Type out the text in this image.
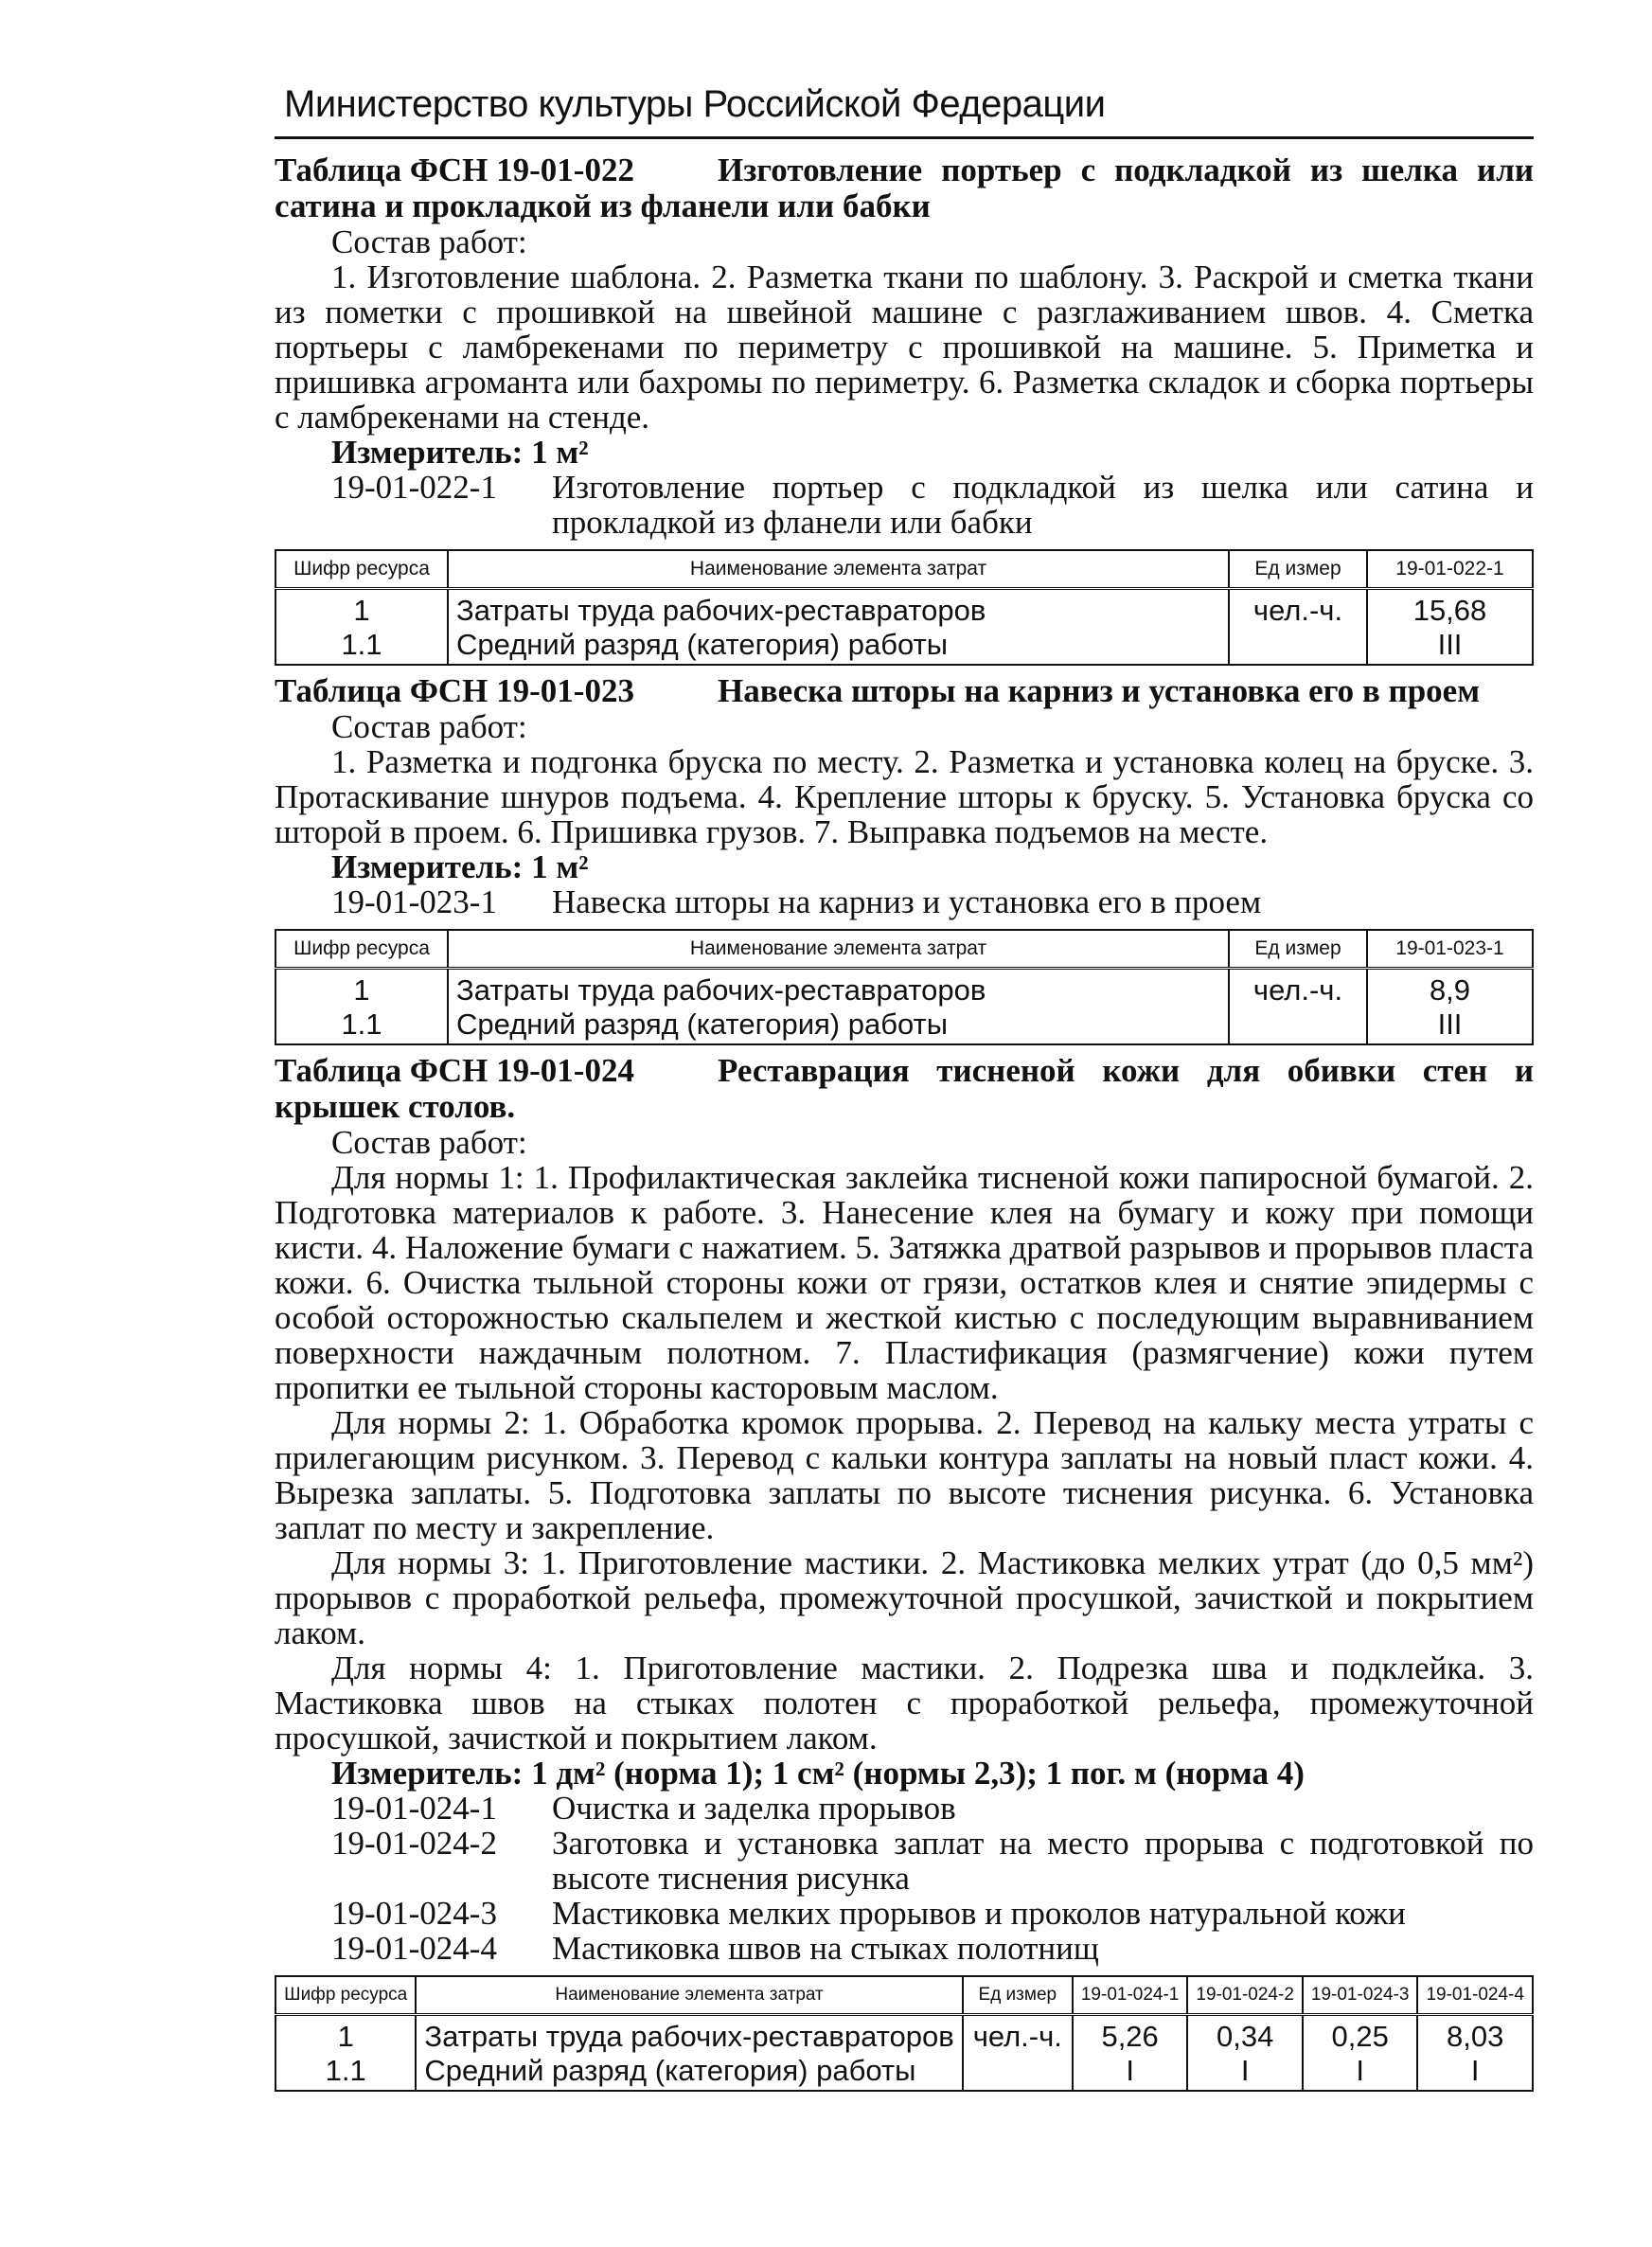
Министерство культуры Российской Федерации

Таблица ФСН 19-01-022	Изготовление портьер с подкладкой из шелка или сатина и прокладкой из фланели или бабки

Состав работ:

1. Изготовление шаблона. 2. Разметка ткани по шаблону. 3. Раскрой и сметка ткани из пометки с прошивкой на швейной машине с разглаживанием швов. 4. Сметка портьеры с ламбрекенами по периметру с прошивкой на машине. 5. Приметка и пришивка агроманта или бахромы по периметру. 6. Разметка складок и сборка портьеры с ламбрекенами на стенде.

Измеритель: 1 м²

19-01-022-1	Изготовление портьер с подкладкой из шелка или сатина и прокладкой из фланели или бабки
Шифр ресурса	Наименование элемента затрат	Ед измер	19-01-022-1
1	Затраты труда рабочих-реставраторов	чел.-ч.	15,68
1.1	Средний разряд (категория) работы		III

Таблица ФСН 19-01-023	Навеска шторы на карниз и установка его в проем

Состав работ:

1. Разметка и подгонка бруска по месту. 2. Разметка и установка колец на бруске. 3. Протаскивание шнуров подъема. 4. Крепление шторы к бруску. 5. Установка бруска со шторой в проем. 6. Пришивка грузов. 7. Выправка подъемов на месте.

Измеритель: 1 м²

19-01-023-1	Навеска шторы на карниз и установка его в проем
Шифр ресурса	Наименование элемента затрат	Ед измер	19-01-023-1
1	Затраты труда рабочих-реставраторов	чел.-ч.	8,9
1.1	Средний разряд (категория) работы		III

Таблица ФСН 19-01-024	Реставрация тисненой кожи для обивки стен и крышек столов.

Состав работ:

Для нормы 1: 1. Профилактическая заклейка тисненой кожи папиросной бумагой. 2. Подготовка материалов к работе. 3. Нанесение клея на бумагу и кожу при помощи кисти. 4. Наложение бумаги с нажатием. 5. Затяжка дратвой разрывов и прорывов пласта кожи. 6. Очистка тыльной стороны кожи от грязи, остатков клея и снятие эпидермы с особой осторожностью скальпелем и жесткой кистью с последующим выравниванием поверхности наждачным полотном. 7. Пластификация (размягчение) кожи путем пропитки ее тыльной стороны касторовым маслом.

Для нормы 2: 1. Обработка кромок прорыва. 2. Перевод на кальку места утраты с прилегающим рисунком. 3. Перевод с кальки контура заплаты на новый пласт кожи. 4. Вырезка заплаты. 5. Подготовка заплаты по высоте тиснения рисунка. 6. Установка заплат по месту и закрепление.

Для нормы 3: 1. Приготовление мастики. 2. Мастиковка мелких утрат (до 0,5 мм²) прорывов с проработкой рельефа, промежуточной просушкой, зачисткой и покрытием лаком.

Для нормы 4: 1. Приготовление мастики. 2. Подрезка шва и подклейка. 3. Мастиковка швов на стыках полотен с проработкой рельефа, промежуточной просушкой, зачисткой и покрытием лаком.

Измеритель: 1 дм² (норма 1); 1 см² (нормы 2,3); 1 пог. м (норма 4)

19-01-024-1	Очистка и заделка прорывов
19-01-024-2	Заготовка и установка заплат на место прорыва с подготовкой по высоте тиснения рисунка
19-01-024-3	Мастиковка мелких прорывов и проколов натуральной кожи
19-01-024-4	Мастиковка швов на стыках полотнищ
Шифр ресурса	Наименование элемента затрат	Ед измер	19-01-024-1	19-01-024-2	19-01-024-3	19-01-024-4
1	Затраты труда рабочих-реставраторов	чел.-ч.	5,26	0,34	0,25	8,03
1.1	Средний разряд (категория) работы		I	I	I	I
